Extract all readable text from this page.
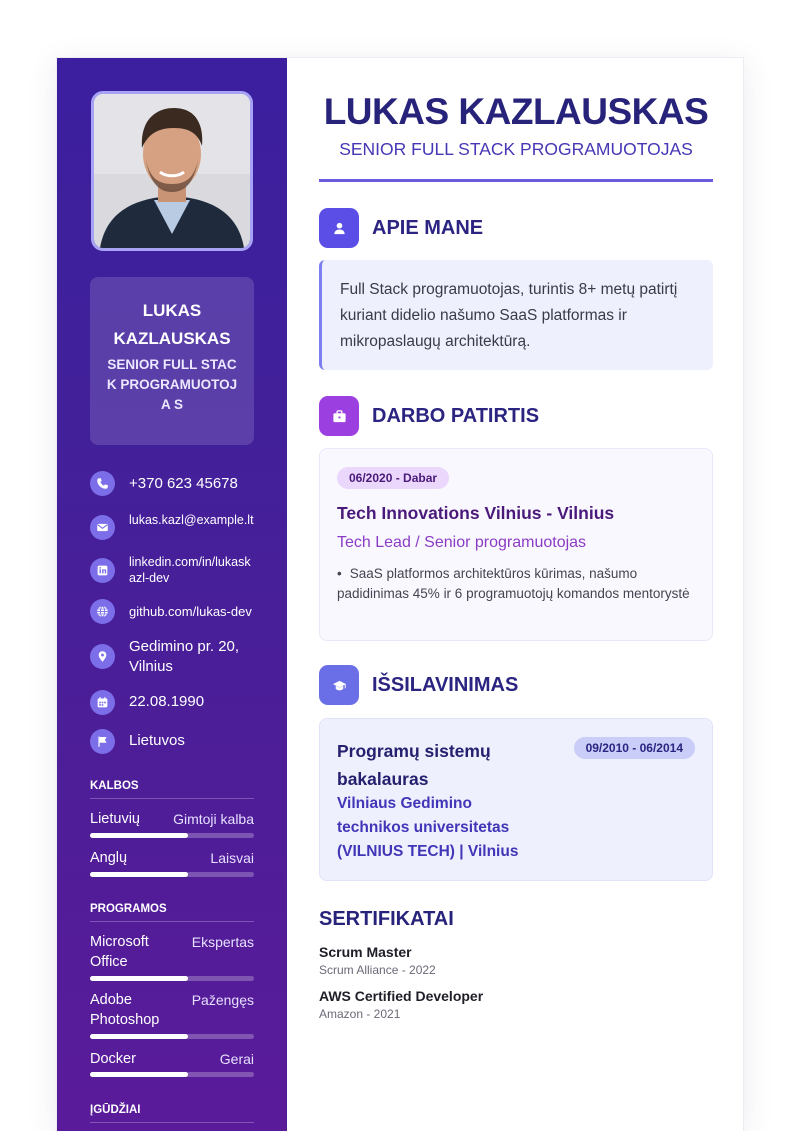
LUKAS KAZLAUSKAS
SENIOR FULL STACK PROGRAMUOTOJA S
+370 623 45678
lukas.kazl@example.lt
linkedin.com/in/lukaskazl-dev
github.com/lukas-dev
Gedimino pr. 20, Vilnius
22.08.1990
Lietuvos
KALBOS
Lietuvių Gimtoji kalba
Anglų	Laisvai
PROGRAMOS
Microsoft Office
Ekspertas
Adobe Photoshop
Pažengęs
Docker	Gerai
ĮGŪDŽIAI
LUKAS KAZLAUSKAS
SENIOR FULL STACK PROGRAMUOTOJAS
APIE MANE
Full Stack programuotojas, turintis 8+ metų patirtį kuriant didelio našumo SaaS platformas ir mikropaslaugų architektūrą.
DARBO PATIRTIS
06/2020 - Dabar
Tech Innovations Vilnius - Vilnius
Tech Lead / Senior programuotojas
• SaaS platformos architektūros kūrimas, našumo padidinimas 45% ir 6 programuotojų komandos mentorystė
IŠSILAVINIMAS
Programų sistemų bakalauras
09/2010 - 06/2014
Vilniaus Gedimino technikos universitetas (VILNIUS TECH) | Vilnius
SERTIFIKATAI
Scrum Master
Scrum Alliance - 2022
AWS Certified Developer
Amazon - 2021
